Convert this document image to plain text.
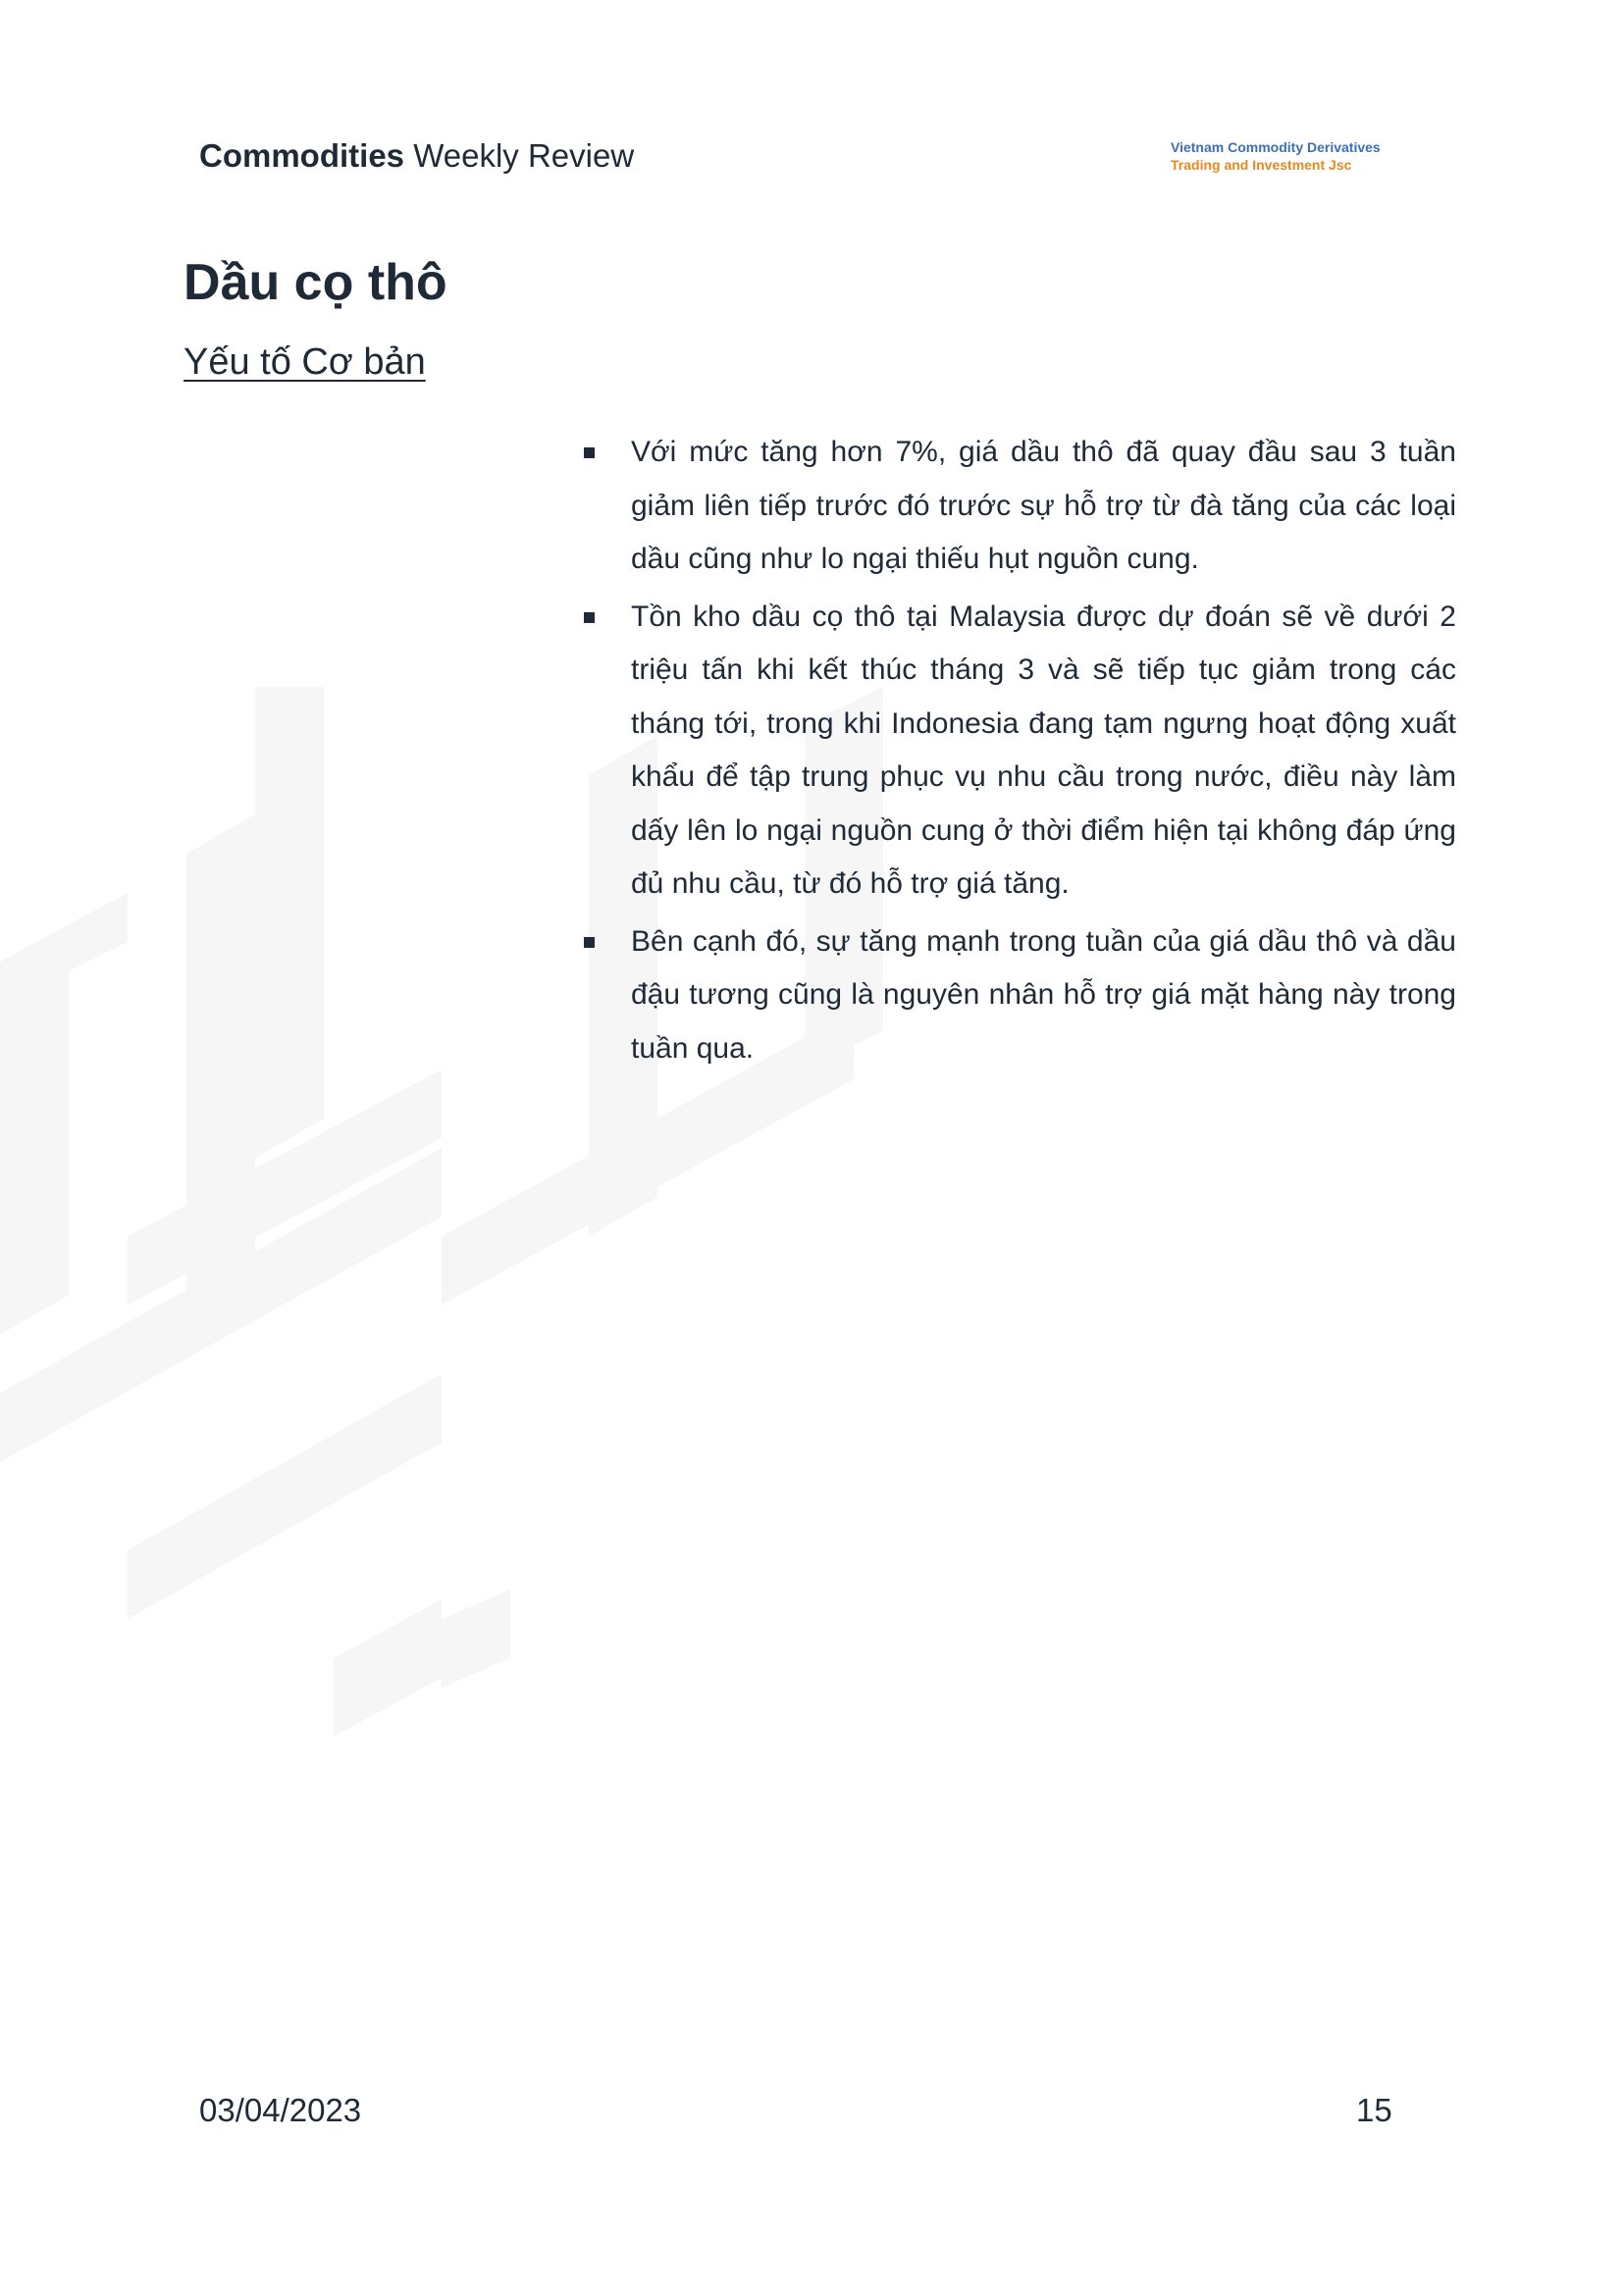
Commodities Weekly Review	Vietnam Commodity Derivatives
Trading and Investment Jsc
Dầu cọ thô
Yếu tố Cơ bản
Với mức tăng hơn 7%, giá dầu thô đã quay đầu sau 3 tuần giảm liên tiếp trước đó trước sự hỗ trợ từ đà tăng của các loại dầu cũng như lo ngại thiếu hụt nguồn cung.
Tồn kho dầu cọ thô tại Malaysia được dự đoán sẽ về dưới 2 triệu tấn khi kết thúc tháng 3 và sẽ tiếp tục giảm trong các tháng tới, trong khi Indonesia đang tạm ngưng hoạt động xuất khẩu để tập trung phục vụ nhu cầu trong nước, điều này làm dấy lên lo ngại nguồn cung ở thời điểm hiện tại không đáp ứng đủ nhu cầu, từ đó hỗ trợ giá tăng.
Bên cạnh đó, sự tăng mạnh trong tuần của giá dầu thô và dầu đậu tương cũng là nguyên nhân hỗ trợ giá mặt hàng này trong tuần qua.
03/04/2023	15
